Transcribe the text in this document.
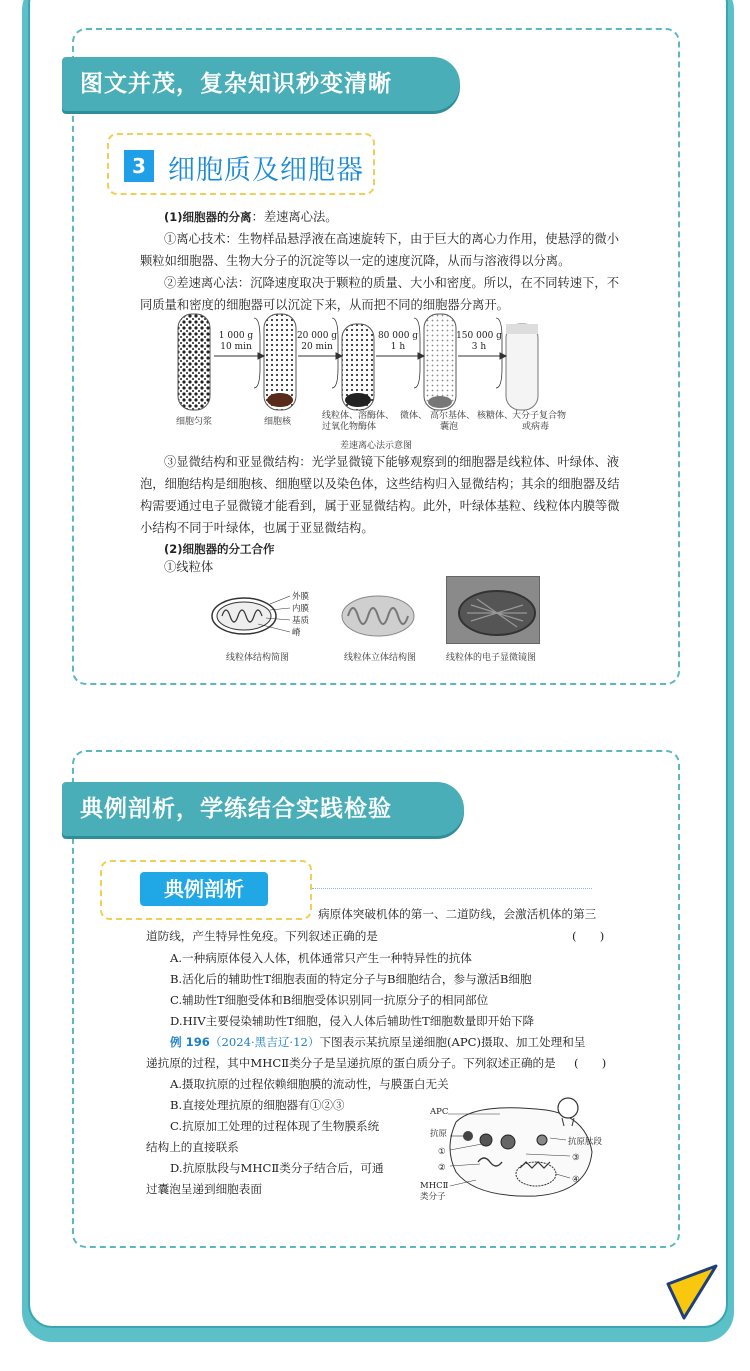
图文并茂，复杂知识秒变清晰
3 细胞质及细胞器
(1)细胞器的分离：差速离心法。
①离心技术：生物样品悬浮液在高速旋转下，由于巨大的离心力作用，使悬浮的微小
颗粒如细胞器、生物大分子的沉淀等以一定的速度沉降，从而与溶液得以分离。
②差速离心法：沉降速度取决于颗粒的质量、大小和密度。所以，在不同转速下，不
同质量和密度的细胞器可以沉淀下来，从而把不同的细胞器分离开。
1 000 g
10 min
20 000 g
20 min
80 000 g
1 h
150 000 g
3 h
细胞匀浆	细胞核
线粒体、溶酶体、
过氧化物酶体
微体、 高尔基体、
囊泡
核糖体、
大分子复合物
或病毒
差速离心法示意图
③显微结构和亚显微结构：光学显微镜下能够观察到的细胞器是线粒体、叶绿体、液
泡，细胞结构是细胞核、细胞壁以及染色体，这些结构归入显微结构；其余的细胞器及结
构需要通过电子显微镜才能看到，属于亚显微结构。此外，叶绿体基粒、线粒体内膜等微
小结构不同于叶绿体，也属于亚显微结构。
(2)细胞器的分工合作
①线粒体
外膜
内膜
基质
嵴
线粒体结构简图	线粒体立体结构图	线粒体的电子显微镜图
典例剖析，学练结合实践检验
典例剖析
病原体突破机体的第一、二道防线，会激活机体的第三
道防线，产生特异性免疫。下列叙述正确的是	(　　)
A.一种病原体侵入人体，机体通常只产生一种特异性的抗体
B.活化后的辅助性T细胞表面的特定分子与B细胞结合，参与激活B细胞
C.辅助性T细胞受体和B细胞受体识别同一抗原分子的相同部位
D.HIV主要侵染辅助性T细胞，侵入人体后辅助性T细胞数量即开始下降
例 196（2024·黑吉辽·12）下图表示某抗原呈递细胞(APC)摄取、加工处理和呈
递抗原的过程，其中MHCⅡ类分子是呈递抗原的蛋白质分子。下列叙述正确的是 (　　)
A.摄取抗原的过程依赖细胞膜的流动性，与膜蛋白无关
B.直接处理抗原的细胞器有①②③
C.抗原加工处理的过程体现了生物膜系统
结构上的直接联系
D.抗原肽段与MHCⅡ类分子结合后，可通
过囊泡呈递到细胞表面
APC
抗原
①
②
MHCⅡ
类分子
抗原肽段
③
④
